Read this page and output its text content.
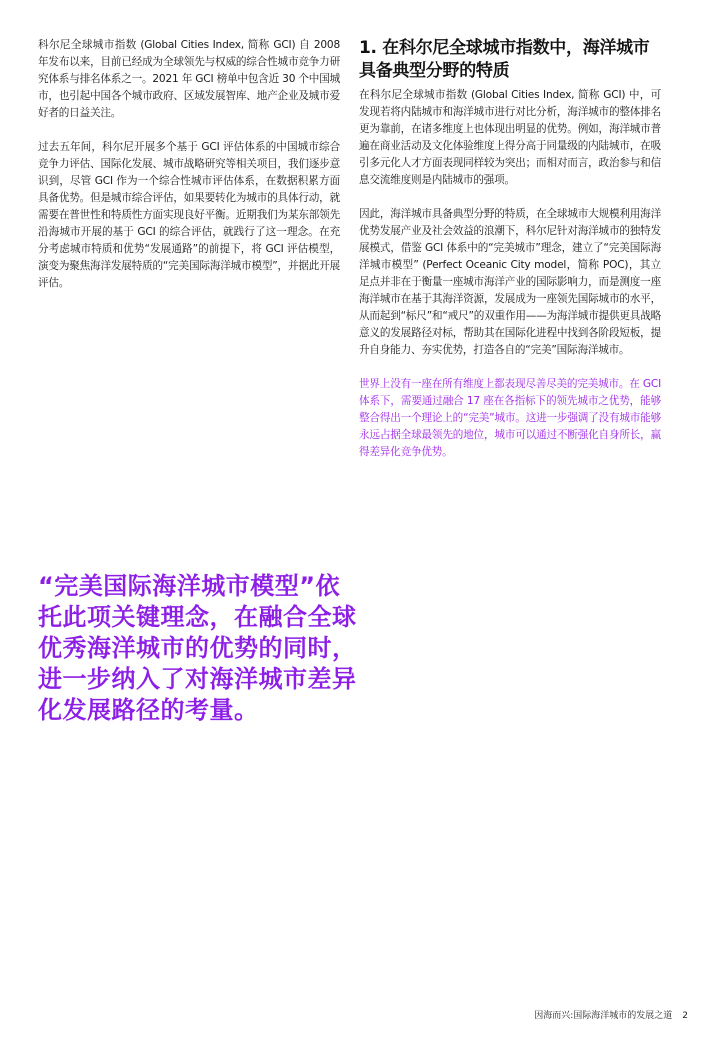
科尔尼全球城市指数 (Global Cities Index, 简称 GCI) 自 2008 年发布以来，目前已经成为全球领先与权威的综合性城市竞争力研究体系与排名体系之一。2021 年 GCI 榜单中包含近 30 个中国城市，也引起中国各个城市政府、区域发展智库、地产企业及城市爱好者的日益关注。

过去五年间，科尔尼开展多个基于 GCI 评估体系的中国城市综合竞争力评估、国际化发展、城市战略研究等相关项目，我们逐步意识到，尽管 GCI 作为一个综合性城市评估体系，在数据积累方面具备优势。但是城市综合评估，如果要转化为城市的具体行动，就需要在普世性和特质性方面实现良好平衡。近期我们为某东部领先沿海城市开展的基于 GCI 的综合评估，就践行了这一理念。在充分考虑城市特质和优势“发展通路”的前提下，将 GCI 评估模型，演变为聚焦海洋发展特质的“完美国际海洋城市模型”，并据此开展评估。

1. 在科尔尼全球城市指数中，海洋城市具备典型分野的特质

在科尔尼全球城市指数 (Global Cities Index, 简称 GCI) 中，可发现若将内陆城市和海洋城市进行对比分析，海洋城市的整体排名更为靠前，在诸多维度上也体现出明显的优势。例如，海洋城市普遍在商业活动及文化体验维度上得分高于同量级的内陆城市，在吸引多元化人才方面表现同样较为突出；而相对而言，政治参与和信息交流维度则是内陆城市的强项。

因此，海洋城市具备典型分野的特质，在全球城市大规模利用海洋优势发展产业及社会效益的浪潮下，科尔尼针对海洋城市的独特发展模式，借鉴 GCI 体系中的“完美城市”理念，建立了“完美国际海洋城市模型” (Perfect Oceanic City model，简称 POC)，其立足点并非在于衡量一座城市海洋产业的国际影响力，而是测度一座海洋城市在基于其海洋资源，发展成为一座领先国际城市的水平，从而起到“标尺”和“戒尺”的双重作用——为海洋城市提供更具战略意义的发展路径对标，帮助其在国际化进程中找到各阶段短板，提升自身能力、夯实优势，打造各自的“完美”国际海洋城市。

世界上没有一座在所有维度上都表现尽善尽美的完美城市。在 GCI 体系下，需要通过融合 17 座在各指标下的领先城市之优势，能够整合得出一个理论上的“完美”城市。这进一步强调了没有城市能够永远占据全球最领先的地位，城市可以通过不断强化自身所长，赢得差异化竞争优势。

“完美国际海洋城市模型”依托此项关键理念，在融合全球优秀海洋城市的优势的同时，进一步纳入了对海洋城市差异化发展路径的考量。
因海而兴:国际海洋城市的发展之道 2
